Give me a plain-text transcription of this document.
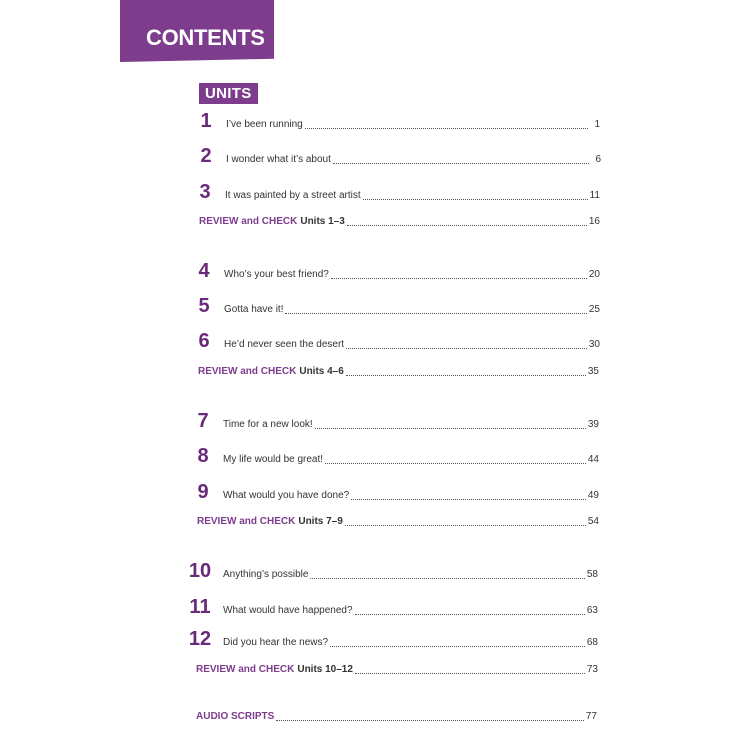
CONTENTS
UNITS
1 I’ve been running	1
2 I wonder what it’s about	6
3 It was painted by a street artist	11
REVIEW and CHECK Units 1–3	16
4 Who’s your best friend?	20
5 Gotta have it!	25
6 He’d never seen the desert	30
REVIEW and CHECK Units 4–6	35
7 Time for a new look!	39
8 My life would be great!	44
9 What would you have done?	49
REVIEW and CHECK Units 7–9	54
10 Anything’s possible	58
11 What would have happened?	63
12 Did you hear the news?	68
REVIEW and CHECK Units 10–12	73
AUDIO SCRIPTS	77
